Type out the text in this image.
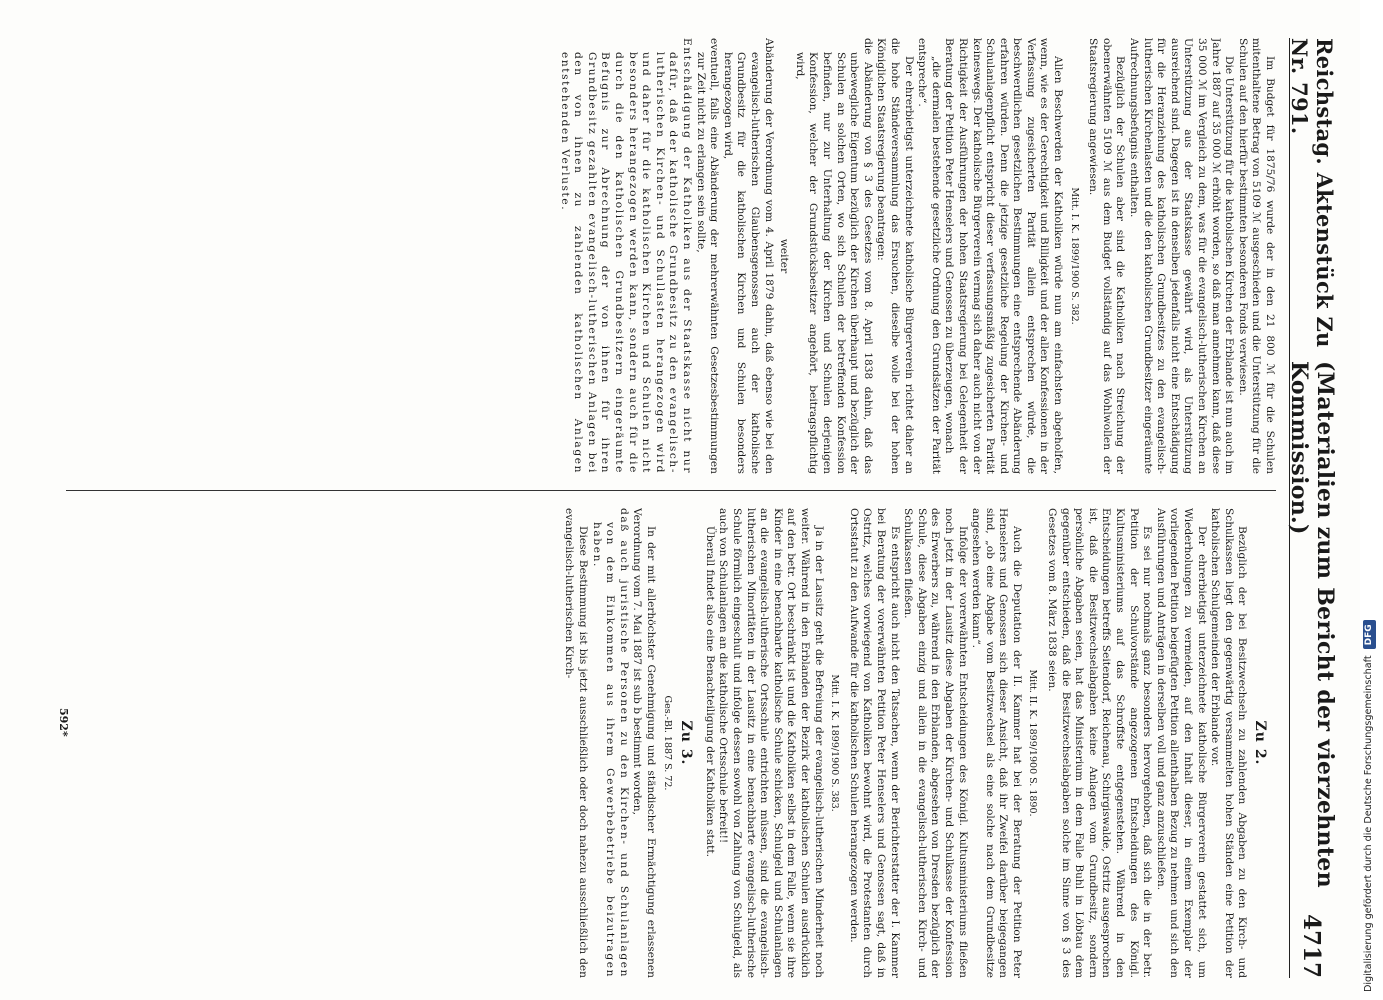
Reichstag. Aktenstück Zu Nr. 791.
(Materialien zum Bericht der vierzehnten Kommission.)
4717

Im Budget für 1875/76 wurde der in den 21 800 ℳ für die Schulen mitenthaltene Betrag von 5109 ℳ ausgeschieden und die Unterstützung für die Schulen auf den hierfür bestimmten besonderen Fonds verwiesen.

Die Unterstützung für die katholischen Kirchen der Erblande ist nun auch im Jahre 1887 auf 35 000 ℳ erhöht worden, so daß man annehmen kann, daß diese 35 000 ℳ im Vergleich zu dem, was für die evangelisch-lutherischen Kirchen an Unterstützung aus der Staatskasse gewährt wird, als Unterstützung ausreichend sind. Dagegen ist in denselben jedenfalls nicht eine Entschädigung für die Heranziehung des katholischen Grundbesitzes zu den evangelisch-lutherischen Kirchenlasten und die den katholischen Grundbesitzer eingeräumte Aufrechnungsbefugnis enthalten.

Bezüglich der Schulen aber sind die Katholiken nach Streichung der obenerwähnten 5109 ℳ aus dem Budget vollständig auf das Wohlwollen der Staatsregierung angewiesen.

Mitt. I. K. 1899/1900 S. 382.

Allen Beschwerden der Katholiken würde nun am einfachsten abgeholfen, wenn, wie es der Gerechtigkeit und Billigkeit und der allen Konfessionen in der Verfassung zugesicherten Parität allein entsprechen würde, die beschwerdlichen gesetzlichen Bestimmungen eine entsprechende Abänderung erfahren würden. Denn die jetzige gesetzliche Regelung der Kirchen- und Schulanlagenpflicht entspricht dieser verfassungsmäßig zugesicherten Parität keineswegs. Der katholische Bürgerverein vermag sich daher auch nicht von der Richtigkeit der Ausführungen der hohen Staatsregierung bei Gelegenheit der Beratung der Petition Peter Henselers und Genossen zu überzeugen, wonach

„die dermalen bestehende gesetzliche Ordnung den Grundsätzen der Parität entspreche“.

Der ehrerbietigst unterzeichnete katholische Bürgerverein richtet daher an die hohe Ständeversammlung das Ersuchen, dieselbe wolle bei der hohen Königlichen Staatsregierung beantragen:

die Abänderung von § 3 des Gesetzes vom 8. April 1838 dahin, daß das unbewegliche Eigentum bezüglich der Kirchen überhaupt und bezüglich der Schulen an solchen Orten, wo sich Schulen der betreffenden Konfession befinden, nur zur Unterhaltung der Kirchen und Schulen derjenigen Konfession, welcher der Grundstücksbesitzer angehört, beitragspflichtig wird,

weiter

Abänderung der Verordnung vom 4. April 1879 dahin, daß ebenso wie bei den evangelisch-lutherischen Glaubensgenossen auch der katholische Grundbesitz für die katholischen Kirchen und Schulen besonders herangezogen wird,

eventuell, falls eine Abänderung der mehrerwähnten Gesetzesbestimmungen zur Zeit nicht zu erlangen sein sollte,

Entschädigung der Katholiken aus der Staatskasse nicht nur dafür, daß der katholische Grundbesitz zu den evangelisch-lutherischen Kirchen- und Schullasten herangezogen wird und daher für die katholischen Kirchen und Schulen nicht besonders herangezogen werden kann, sondern auch für die durch die den katholischen Grundbesitzern eingeräumte Befugnis zur Abrechnung der von ihnen für ihren Grundbesitz gezahlten evangelisch-lutherischen Anlagen bei den von ihnen zu zahlenden katholischen Anlagen entstehenden Verluste.

Zu 2.

Bezüglich der bei Besitzwechseln zu zahlenden Abgaben zu den Kirch- und Schulkassen liegt den gegenwärtig versammelten hohen Ständen eine Petition der katholischen Schulgemeinden der Erblande vor.

Der ehrerbietigst unterzeichnete katholische Bürgerverein gestattet sich, um Wiederholungen zu vermeiden, auf den Inhalt dieser, in einem Exemplar der vorliegenden Petition beigefügten Petition allenthalben Bezug zu nehmen und sich den Ausführungen und Anträgen in derselben voll und ganz anzuschließen.

Es sei nur nochmals ganz besonders hervorgehoben, daß sich die in der betr. Petition der Schulvorstände angezogenen Entscheidungen des Königl. Kultusministeriums auf das Schroffste entgegenstehen. Während in den Entscheidungen betreffs Seitendorf, Reichenau, Schirgiswalde, Ostritz ausgesprochen ist, daß die Besitzwechselabgaben keine Anlagen vom Grundbesitz, sondern persönliche Abgaben seien, hat das Ministerium in dem Falle Buhl in Löbtau dem gegenüber entschieden, daß die Besitzwechselabgaben solche im Sinne von § 3 des Gesetzes vom 8. März 1838 seien.

Mitt. II. K. 1899/1900 S. 1890.

Auch die Deputation der II. Kammer hat bei der Beratung der Petition Peter Henselers und Genossen sich dieser Ansicht, daß ihr Zweifel darüber beigegangen sind, „ob eine Abgabe vom Besitzwechsel als eine solche nach dem Grundbesitze angesehen werden kann“.

Infolge der vorerwähnten Entscheidungen des Königl. Kultusministeriums fließen noch jetzt in der Lausitz diese Abgaben der Kirchen- und Schulkasse der Konfession des Erwerbers zu, während in den Erblanden, abgesehen von Dresden bezüglich der Schule, diese Abgaben einzig und allein in die evangelisch-lutherischen Kirch- und Schulkassen fließen.

Es entspricht auch nicht den Tatsachen, wenn der Berichterstatter der I. Kammer bei Beratung der vorerwähnten Petition Peter Henselers und Genossen sagt, daß in Ostritz, welches vorwiegend von Katholiken bewohnt wird, die Protestanten durch Ortsstatut zu den Aufwande für die katholischen Schulen herangezogen werden.

Mitt. I. K. 1899/1900 S. 383.

Ja in der Lausitz geht die Befreiung der evangelisch-lutherischen Minderheit noch weiter. Während in den Erblanden der Bezirk der katholischen Schulen ausdrücklich auf den betr. Ort beschränkt ist und die Katholiken selbst in dem Falle, wenn sie ihre Kinder in eine benachbarte katholische Schule schicken, Schulgeld und Schulanlagen an die evangelisch-lutherische Ortsschule entrichten müssen, sind die evangelisch-lutherischen Minoritäten in der Lausitz in eine benachbarte evangelisch-lutherische Schule förmlich eingeschult und infolge dessen sowohl von Zahlung von Schulgeld, als auch von Schulanlagen an die katholische Ortsschule befreit!!

Überall findet also eine Benachteiligung der Katholiken statt.

Zu 3.

Ges.-Bl. 1887 S. 72.

In der mit allerhöchster Genehmigung und ständischer Ermächtigung erlassenen Verordnung vom 7. Mai 1887 ist sub b bestimmt worden,

daß auch juristische Personen zu den Kirchen- und Schulanlagen von dem Einkommen aus ihrem Gewerbebetriebe beizutragen haben.

Diese Bestimmung ist bis jetzt ausschließlich oder doch nahezu ausschließlich den evangelisch-lutherischen Kirch-

592*	Digitalisierung gefördert durch die Deutsche Forschungsgemeinschaft
DFG
